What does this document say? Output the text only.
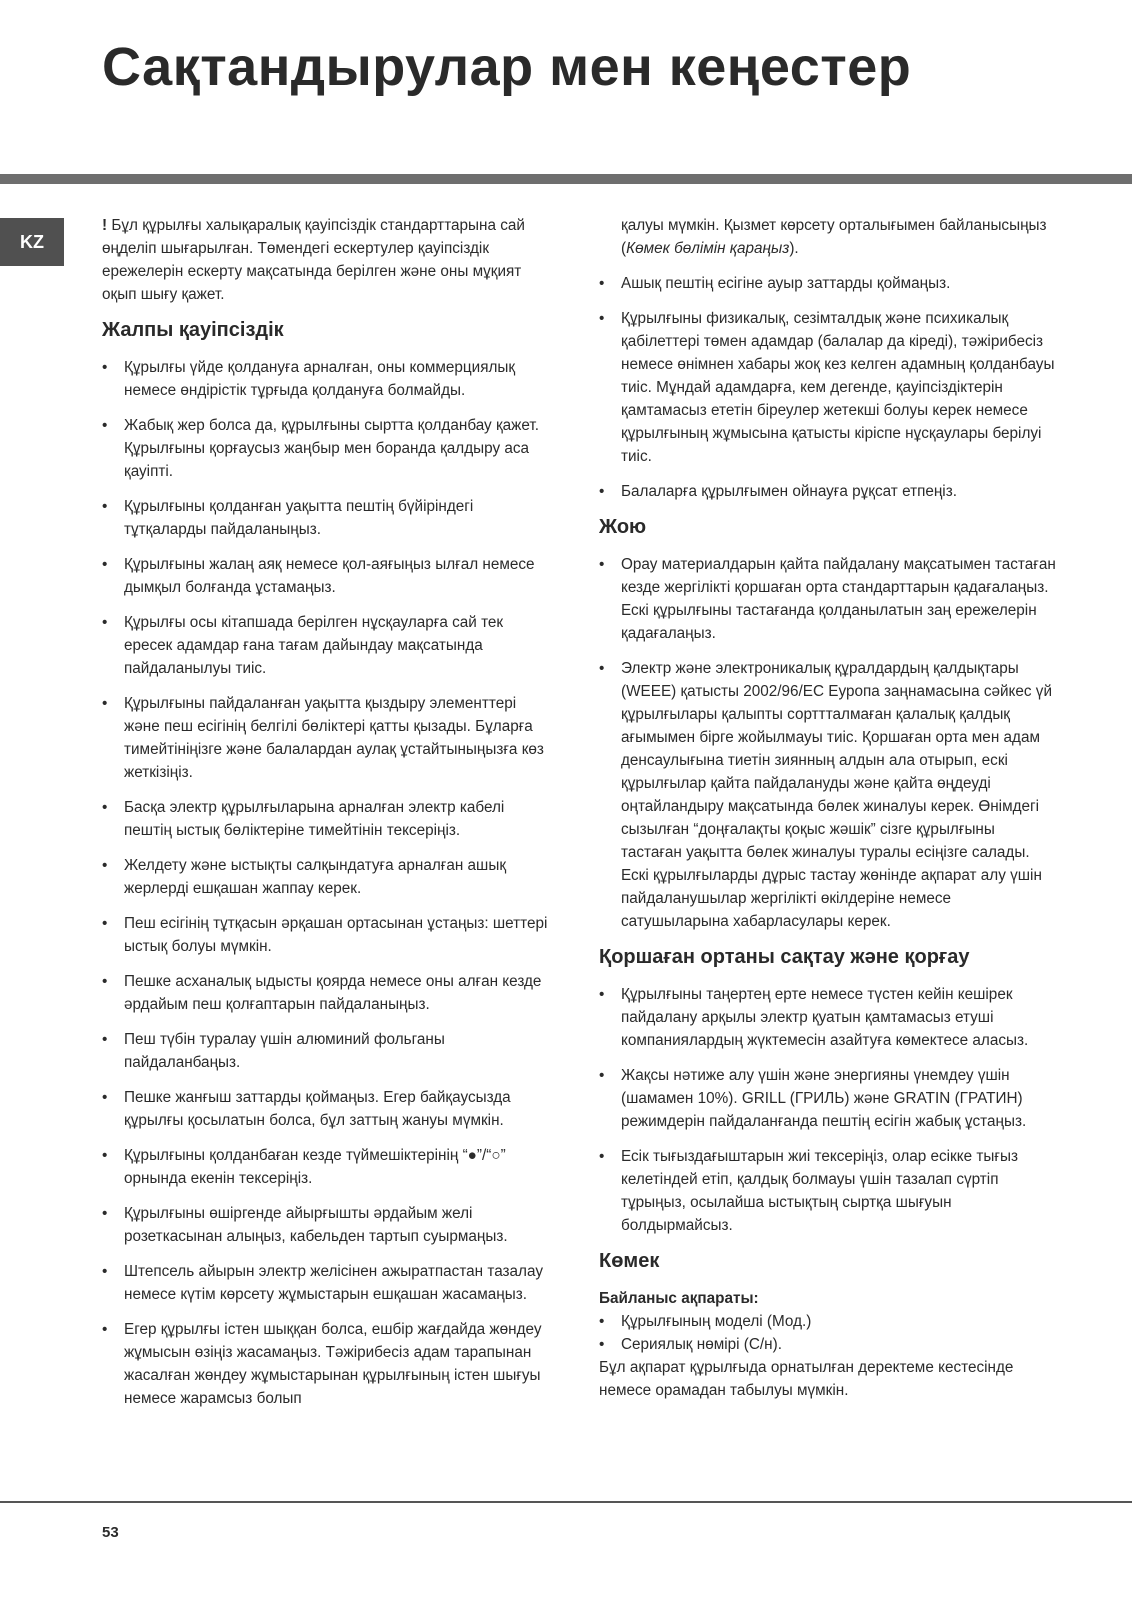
Сақтандырулар мен кеңестер
KZ

! Бұл құрылғы халықаралық қауіпсіздік стандарттарына сай өңделіп шығарылған. Төмендегі ескертулер қауіпсіздік ережелерін ескерту мақсатында берілген және оны мұқият оқып шығу қажет.

Жалпы қауіпсіздік
• Құрылғы үйде қолдануға арналған, оны коммерциялық немесе өндірістік тұрғыда қолдануға болмайды.
• Жабық жер болса да, құрылғыны сыртта қолданбау қажет. Құрылғыны қорғаусыз жаңбыр мен боранда қалдыру аса қауіпті.
• Құрылғыны қолданған уақытта пештің бүйіріндегі тұтқаларды пайдаланыңыз.
• Құрылғыны жалаң аяқ немесе қол-аяғыңыз ылғал немесе дымқыл болғанда ұстамаңыз.
• Құрылғы осы кітапшада берілген нұсқауларға сай тек ересек адамдар ғана тағам дайындау мақсатында пайдаланылуы тиіс.
• Құрылғыны пайдаланған уақытта қыздыру элементтері және пеш есігінің белгілі бөліктері қатты қызады. Бұларға тимейтініңізге және балалардан аулақ ұстайтыныңызға көз жеткізіңіз.
• Басқа электр құрылғыларына арналған электр кабелі пештің ыстық бөліктеріне тимейтінін тексеріңіз.
• Желдету және ыстықты салқындатуға арналған ашық жерлерді ешқашан жаппау керек.
• Пеш есігінің тұтқасын әрқашан ортасынан ұстаңыз: шеттері ыстық болуы мүмкін.
• Пешке асханалық ыдысты қоярда немесе оны алған кезде әрдайым пеш қолғаптарын пайдаланыңыз.
• Пеш түбін туралау үшін алюминий фольганы пайдаланбаңыз.
• Пешке жанғыш заттарды қоймаңыз. Егер байқаусызда құрылғы қосылатын болса, бұл заттың жануы мүмкін.
• Құрылғыны қолданбаған кезде түймешіктерінің “●”/“○” орнында екенін тексеріңіз.
• Құрылғыны өшіргенде айырғышты әрдайым желі розеткасынан алыңыз, кабельден тартып суырмаңыз.
• Штепсель айырын электр желісінен ажыратпастан тазалау немесе күтім көрсету жұмыстарын ешқашан жасамаңыз.
• Егер құрылғы істен шыққан болса, ешбір жағдайда жөндеу жұмысын өзіңіз жасамаңыз. Тәжірибесіз адам тарапынан жасалған жөндеу жұмыстарынан құрылғының істен шығуы немесе жарамсыз болып
қалуы мүмкін. Қызмет көрсету орталығымен байланысыңыз (Көмек бөлімін қараңыз).
• Ашық пештің есігіне ауыр заттарды қоймаңыз.
• Құрылғыны физикалық, сезімталдық және психикалық қабілеттері төмен адамдар (балалар да кіреді), тәжірибесіз немесе өнімнен хабары жоқ кез келген адамның қолданбауы тиіс. Мұндай адамдарға, кем дегенде, қауіпсіздіктерін қамтамасыз ететін біреулер жетекші болуы керек немесе құрылғының жұмысына қатысты кіріспе нұсқаулары берілуі тиіс.
• Балаларға құрылғымен ойнауға рұқсат етпеңіз.
Жою
• Орау материалдарын қайта пайдалану мақсатымен тастаған кезде жергілікті қоршаған орта стандарттарын қадағалаңыз. Ескі құрылғыны тастағанда қолданылатын заң ережелерін қадағалаңыз.
• Электр және электроникалық құралдардың қалдықтары (WEEE) қатысты 2002/96/EC Еуропа заңнамасына сәйкес үй құрылғылары қалыпты сорттталмаған қалалық қалдық ағымымен бірге жойылмауы тиіс. Қоршаған орта мен адам денсаулығына тиетін зиянның алдын ала отырып, ескі құрылғылар қайта пайдалануды және қайта өңдеуді оңтайландыру мақсатында бөлек жиналуы керек. Өнімдегі сызылған “доңғалақты қоқыс жәшік” сізге құрылғыны тастаған уақытта бөлек жиналуы туралы есіңізге салады.
Ескі құрылғыларды дұрыс тастау жөнінде ақпарат алу үшін пайдаланушылар жергілікті өкілдеріне немесе сатушыларына хабарласулары керек.
Қоршаған ортаны сақтау және қорғау
• Құрылғыны таңертең ерте немесе түстен кейін кешірек пайдалану арқылы электр қуатын қамтамасыз етуші компаниялардың жүктемесін азайтуға көмектесе аласыз.
• Жақсы нәтиже алу үшін және энергияны үнемдеу үшін (шамамен 10%). GRILL (ГРИЛЬ) және GRATIN (ГРАТИН) режимдерін пайдаланғанда пештің есігін жабық ұстаңыз.
• Есік тығыздағыштарын жиі тексеріңіз, олар есікке тығыз келетіндей етіп, қалдық болмауы үшін тазалап сүртіп тұрыңыз, осылайша ыстықтың сыртқа шығуын болдырмайсыз.
Көмек
Байланыс ақпараты:
• Құрылғының моделі (Мод.)
• Сериялық нөмірі (С/н).

Бұл ақпарат құрылғыда орнатылған деректеме кестесінде немесе орамадан табылуы мүмкін.

53
